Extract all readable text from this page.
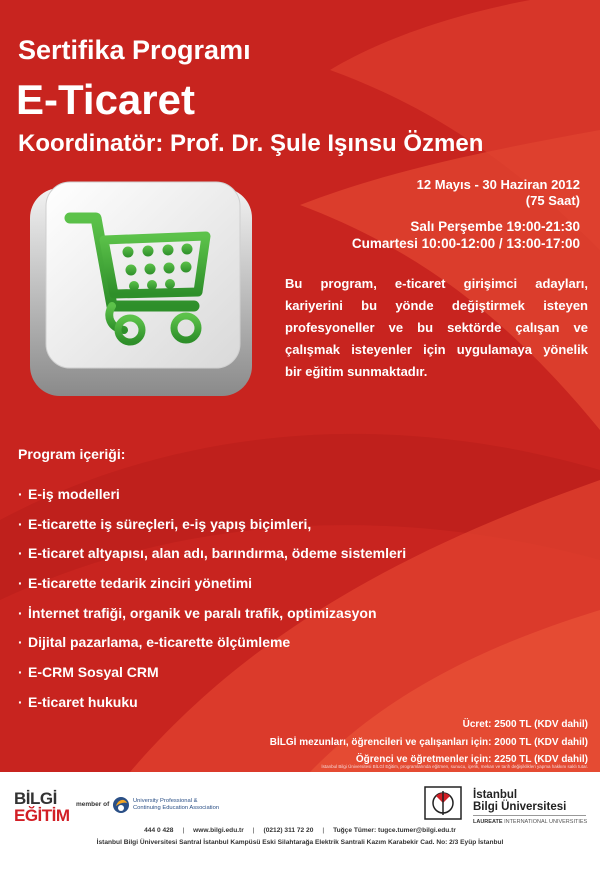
Sertifika Programı
E-Ticaret
Koordinatör: Prof. Dr. Şule Işınsu Özmen
12 Mayıs - 30 Haziran 2012
(75 Saat)
Salı Perşembe 19:00-21:30
Cumartesi 10:00-12:00 / 13:00-17:00
Bu program, e-ticaret girişimci adayları,
kariyerini bu yönde değiştirmek isteyen
profesyoneller ve bu sektörde çalışan ve
çalışmak isteyenler için uygulamaya yönelik
bir eğitim sunmaktadır.
Program içeriği:
· E-iş modelleri
· E-ticarette iş süreçleri, e-iş yapış biçimleri,
· E-ticaret altyapısı, alan adı, barındırma, ödeme sistemleri
· E-ticarette tedarik zinciri yönetimi
· İnternet trafiği, organik ve paralı trafik, optimizasyon
· Dijital pazarlama, e-ticarette ölçümleme
· E-CRM Sosyal CRM
· E-ticaret hukuku
Ücret: 2500 TL (KDV dahil)
BİLGİ mezunları, öğrencileri ve çalışanları için: 2000 TL (KDV dahil)
Öğrenci ve öğretmenler için: 2250 TL (KDV dahil)
İstanbul Bilgi Üniversitesi BİLGİ Eğitim, programlarında eğitmen, sunucu, içerik, mekan ve tarih değişiklikleri yapma hakkını saklı tutar.
BİLGİ
EĞİTİM
member of	University Professional &
Continuing Education Association
İstanbul
Bilgi Üniversitesi
LAUREATE INTERNATIONAL UNIVERSITIES
444 0 428 | www.bilgi.edu.tr | (0212) 311 72 20 | Tuğçe Tümer: tugce.tumer@bilgi.edu.tr
İstanbul Bilgi Üniversitesi Santral İstanbul Kampüsü Eski Silahtarağa Elektrik Santrali Kazım Karabekir Cad. No: 2/3 Eyüp İstanbul
